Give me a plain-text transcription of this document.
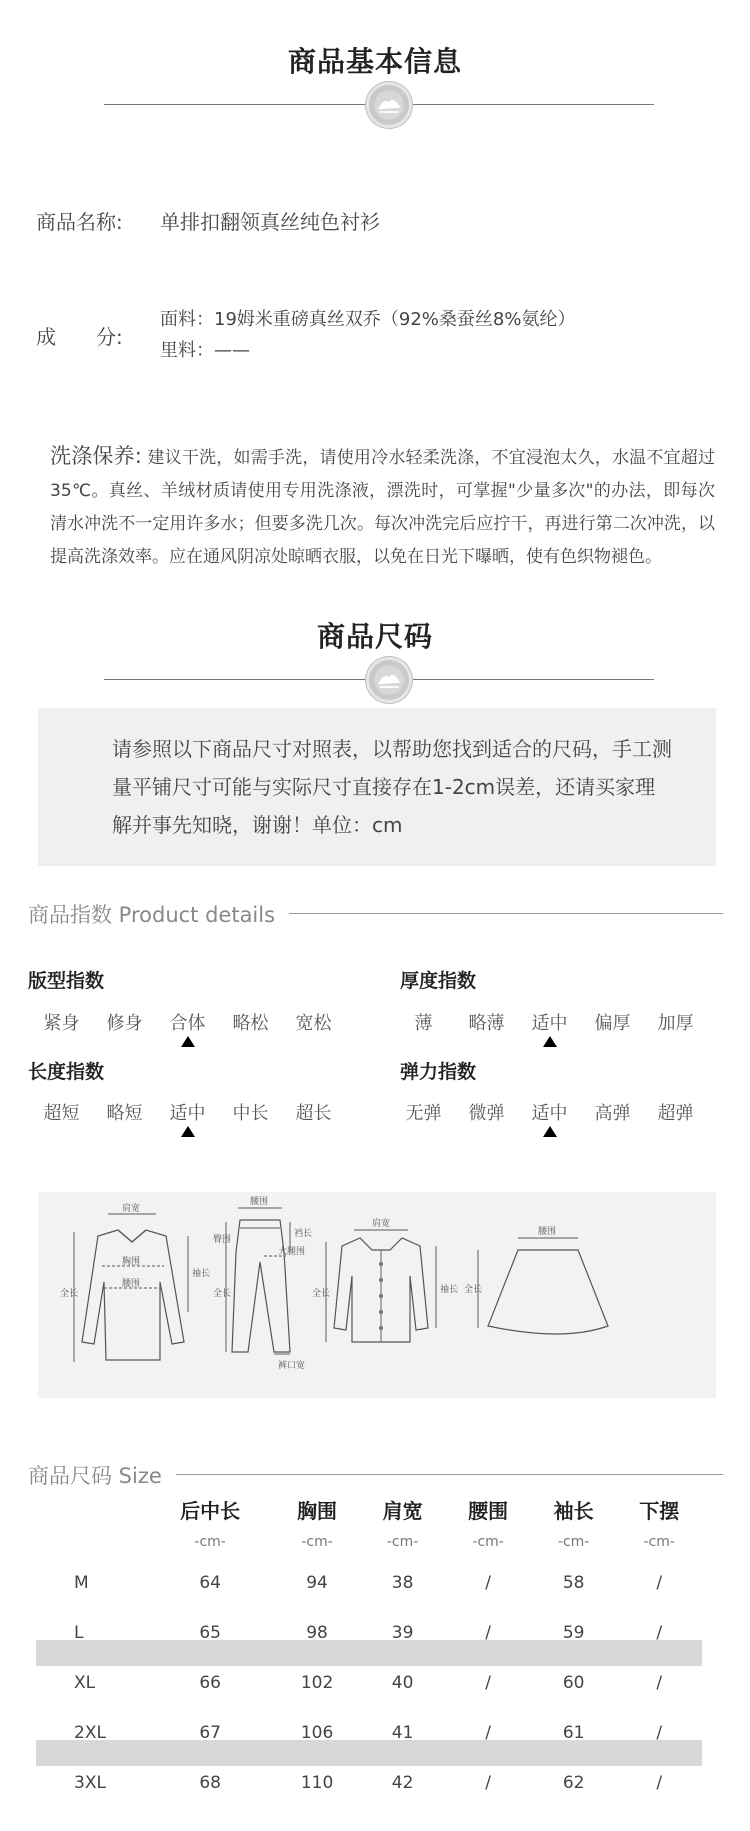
商品基本信息
商品名称: 单排扣翻领真丝纯色衬衫
成　　分:
面料：19姆米重磅真丝双乔（92%桑蚕丝8%氨纶）
里料：——
洗涤保养: 建议干洗，如需手洗，请使用冷水轻柔洗涤，不宜浸泡太久，水温不宜超过35℃。真丝、羊绒材质请使用专用洗涤液，漂洗时，可掌握"少量多次"的办法，即每次清水冲洗不一定用许多水；但要多洗几次。每次冲洗完后应拧干，再进行第二次冲洗，以提高洗涤效率。应在通风阴凉处晾晒衣服，以免在日光下曝晒，使有色织物褪色。
商品尺码

请参照以下商品尺寸对照表，以帮助您找到适合的尺码，手工测量平铺尺寸可能与实际尺寸直接存在1-2cm误差，还请买家理解并事先知晓，谢谢！单位：cm

商品指数 Product details
版型指数
紧身	修身	合体	略松	宽松
厚度指数
薄	略薄	适中	偏厚	加厚
长度指数
超短	略短	适中	中长	超长
弹力指数
无弹	微弹	适中	高弹	超弹
肩宽
胸围
腰围
全长
袖长
腰围
臀围
裆长
大腿围
全长
裤口宽
肩宽
全长	袖长
腰围
全长
商品尺码 Size
	后中长	胸围	肩宽	腰围	袖长	下摆
	-cm-	-cm-	-cm-	-cm-	-cm-	-cm-
M	64	94	38	/	58	/
L	65	98	39	/	59	/
XL	66	102	40	/	60	/
2XL	67	106	41	/	61	/
3XL	68	110	42	/	62	/
